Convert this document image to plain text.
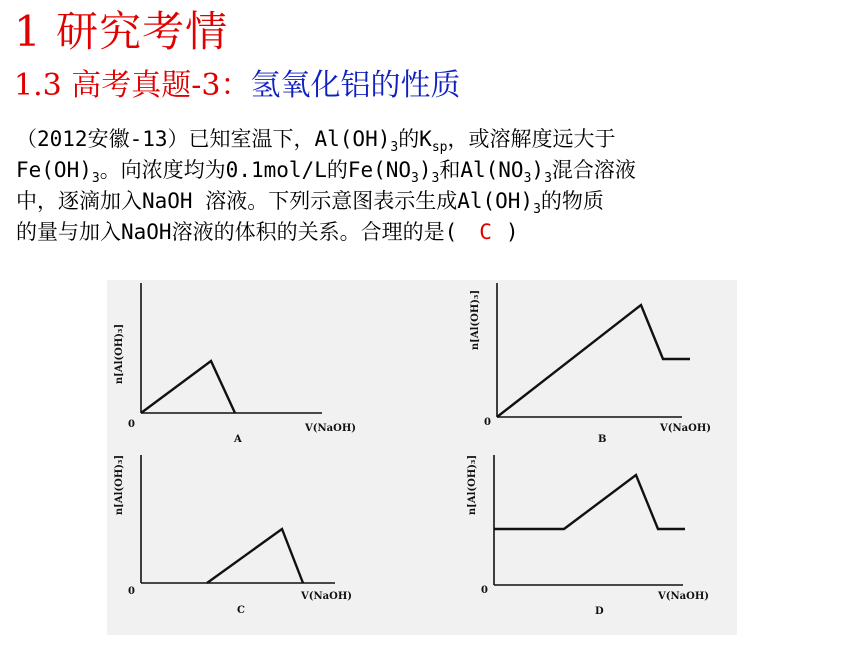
1 研究考情
1.3 高考真题-3：氢氧化铝的性质
（2012安徽-13）已知室温下，$Al(OH)_3$的$K_{sp}$，或溶解度远大于
$Fe(OH)_3$。向浓度均为0.1mol/L的$Fe(NO_3)_3$和$Al(NO_3)_3$混合溶液
中，逐滴加入NaOH 溶液。下列示意图表示生成$Al(OH)_3$的物质
的量与加入NaOH溶液的体积的关系。合理的是( C )
n[Al(OH)₃]
0	V(NaOH)
A
n[Al(OH)₃]
0
V(NaOH)
B
n[Al(OH)₃]
0	V(NaOH)
C
n[Al(OH)₃]
0
V(NaOH)
D
